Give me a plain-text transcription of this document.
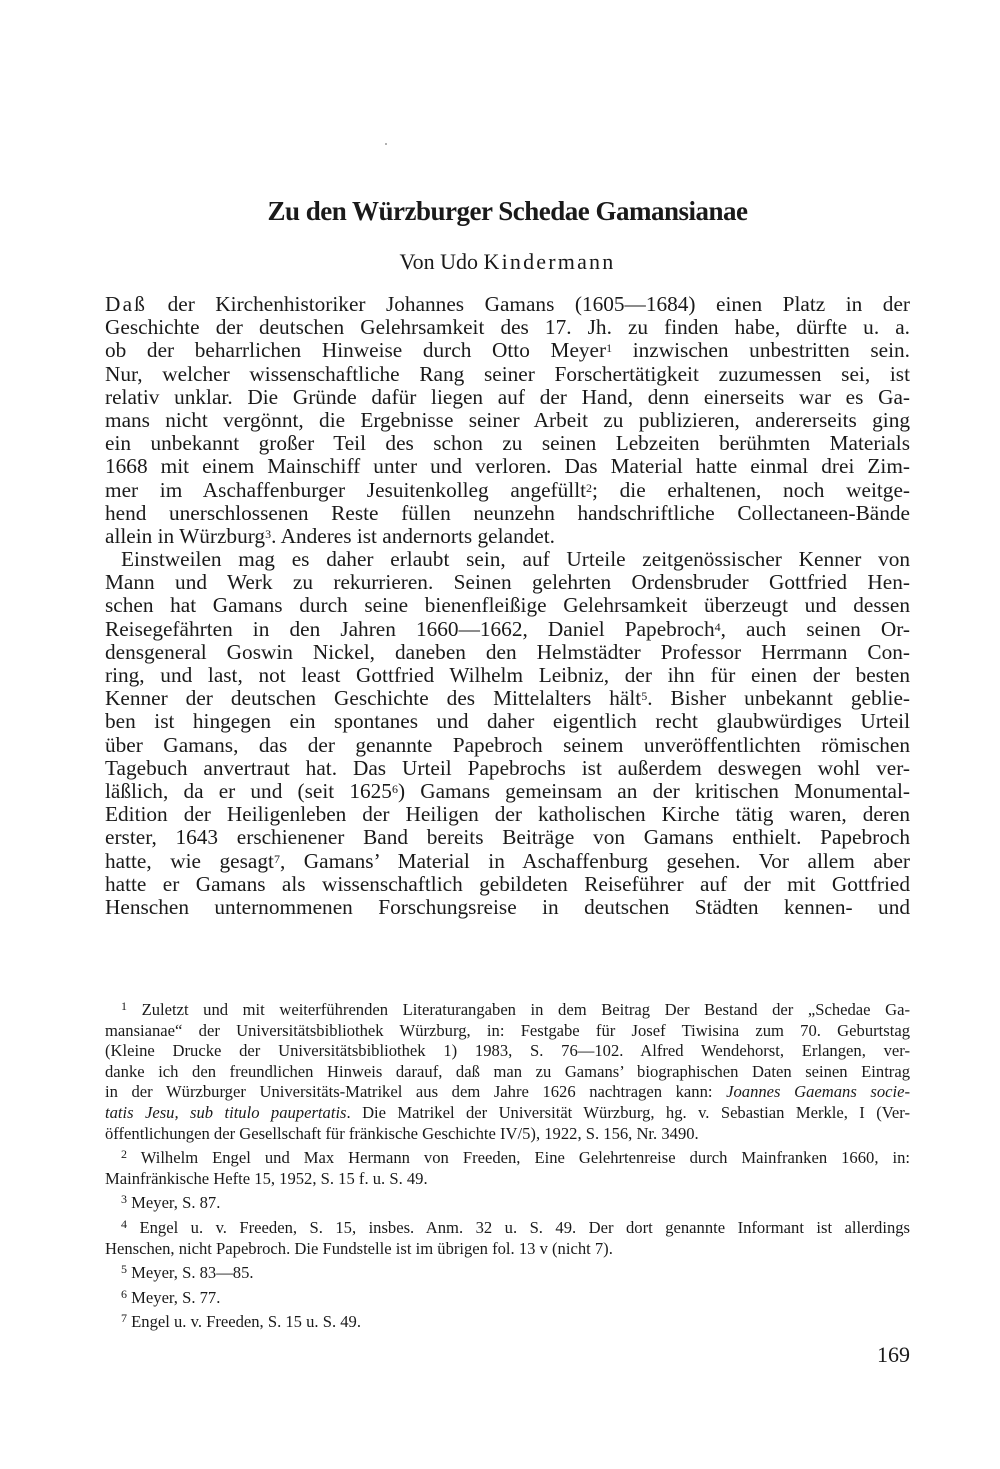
Zu den Würzburger Schedae Gamansianae
Von Udo Kindermann
Daß der Kirchenhistoriker Johannes Gamans (1605—1684) einen Platz in der
Geschichte der deutschen Gelehrsamkeit des 17. Jh. zu finden habe, dürfte u. a.
ob der beharrlichen Hinweise durch Otto Meyer$^1$ inzwischen unbestritten sein.
Nur, welcher wissenschaftliche Rang seiner Forschertätigkeit zuzumessen sei, ist
relativ unklar. Die Gründe dafür liegen auf der Hand, denn einerseits war es Ga-
mans nicht vergönnt, die Ergebnisse seiner Arbeit zu publizieren, andererseits ging
ein unbekannt großer Teil des schon zu seinen Lebzeiten berühmten Materials
1668 mit einem Mainschiff unter und verloren. Das Material hatte einmal drei Zim-
mer im Aschaffenburger Jesuitenkolleg angefüllt$^2$; die erhaltenen, noch weitge-
hend unerschlossenen Reste füllen neunzehn handschriftliche Collectaneen-Bände
allein in Würzburg$^3$. Anderes ist andernorts gelandet.
Einstweilen mag es daher erlaubt sein, auf Urteile zeitgenössischer Kenner von
Mann und Werk zu rekurrieren. Seinen gelehrten Ordensbruder Gottfried Hen-
schen hat Gamans durch seine bienenfleißige Gelehrsamkeit überzeugt und dessen
Reisegefährten in den Jahren 1660—1662, Daniel Papebroch$^4$, auch seinen Or-
densgeneral Goswin Nickel, daneben den Helmstädter Professor Herrmann Con-
ring, und last, not least Gottfried Wilhelm Leibniz, der ihn für einen der besten
Kenner der deutschen Geschichte des Mittelalters hält$^5$. Bisher unbekannt geblie-
ben ist hingegen ein spontanes und daher eigentlich recht glaubwürdiges Urteil
über Gamans, das der genannte Papebroch seinem unveröffentlichten römischen
Tagebuch anvertraut hat. Das Urteil Papebrochs ist außerdem deswegen wohl ver-
läßlich, da er und (seit 1625$^6$) Gamans gemeinsam an der kritischen Monumental-
Edition der Heiligenleben der Heiligen der katholischen Kirche tätig waren, deren
erster, 1643 erschienener Band bereits Beiträge von Gamans enthielt. Papebroch
hatte, wie gesagt$^7$, Gamans’ Material in Aschaffenburg gesehen. Vor allem aber
hatte er Gamans als wissenschaftlich gebildeten Reiseführer auf der mit Gottfried
Henschen unternommenen Forschungsreise in deutschen Städten kennen- und
$^1$ Zuletzt und mit weiterführenden Literaturangaben in dem Beitrag Der Bestand der „Schedae Ga-
mansianae“ der Universitätsbibliothek Würzburg, in: Festgabe für Josef Tiwisina zum 70. Geburtstag
(Kleine Drucke der Universitätsbibliothek 1) 1983, S. 76—102. Alfred Wendehorst, Erlangen, ver-
danke ich den freundlichen Hinweis darauf, daß man zu Gamans’ biographischen Daten seinen Eintrag
in der Würzburger Universitäts-Matrikel aus dem Jahre 1626 nachtragen kann: Joannes Gaemans socie-
tatis Jesu, sub titulo paupertatis. Die Matrikel der Universität Würzburg, hg. v. Sebastian Merkle, I (Ver-
öffentlichungen der Gesellschaft für fränkische Geschichte IV/5), 1922, S. 156, Nr. 3490.
$^2$ Wilhelm Engel und Max Hermann von Freeden, Eine Gelehrtenreise durch Mainfranken 1660, in:
Mainfränkische Hefte 15, 1952, S. 15 f. u. S. 49.
$^3$ Meyer, S. 87.
$^4$ Engel u. v. Freeden, S. 15, insbes. Anm. 32 u. S. 49. Der dort genannte Informant ist allerdings
Henschen, nicht Papebroch. Die Fundstelle ist im übrigen fol. 13 v (nicht 7).
$^5$ Meyer, S. 83—85.
$^6$ Meyer, S. 77.
$^7$ Engel u. v. Freeden, S. 15 u. S. 49.
169
